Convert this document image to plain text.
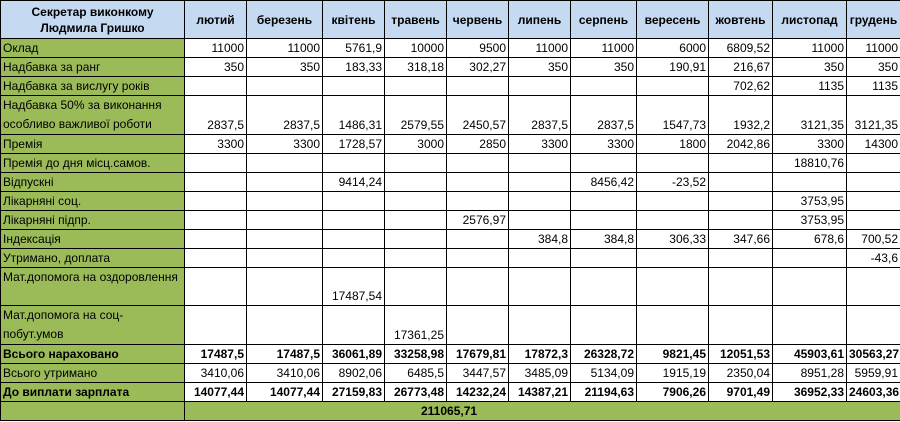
Секретар виконкому Людмила Гришко	лютий	березень	квітень	травень	червень	липень	серпень	вересень	жовтень	листопад	грудень
Оклад	11000	11000	5761,9	10000	9500	11000	11000	6000	6809,52	11000	11000
Надбавка за ранг	350	350	183,33	318,18	302,27	350	350	190,91	216,67	350	350
Надбавка за вислугу років									702,62	1135	1135
Надбавка 50% за виконання особливо важливої роботи	2837,5	2837,5	1486,31	2579,55	2450,57	2837,5	2837,5	1547,73	1932,2	3121,35	3121,35
Премія	3300	3300	1728,57	3000	2850	3300	3300	1800	2042,86	3300	14300
Премія до дня місц.самов.										18810,76	
Відпускні			9414,24				8456,42	-23,52			
Лікарняні соц.										3753,95	
Лікарняні підпр.					2576,97					3753,95	
Індексація						384,8	384,8	306,33	347,66	678,6	700,52
Утримано, доплата											-43,6
Мат.допомога на оздоровлення			17487,54								
Мат.допомога на соц-побут.умов				17361,25							
Всього нараховано	17487,5	17487,5	36061,89	33258,98	17679,81	17872,3	26328,72	9821,45	12051,53	45903,61	30563,27
Всього утримано	3410,06	3410,06	8902,06	6485,5	3447,57	3485,09	5134,09	1915,19	2350,04	8951,28	5959,91
До виплати зарплата	14077,44	14077,44	27159,83	26773,48	14232,24	14387,21	21194,63	7906,26	9701,49	36952,33	24603,36
	211065,71										
